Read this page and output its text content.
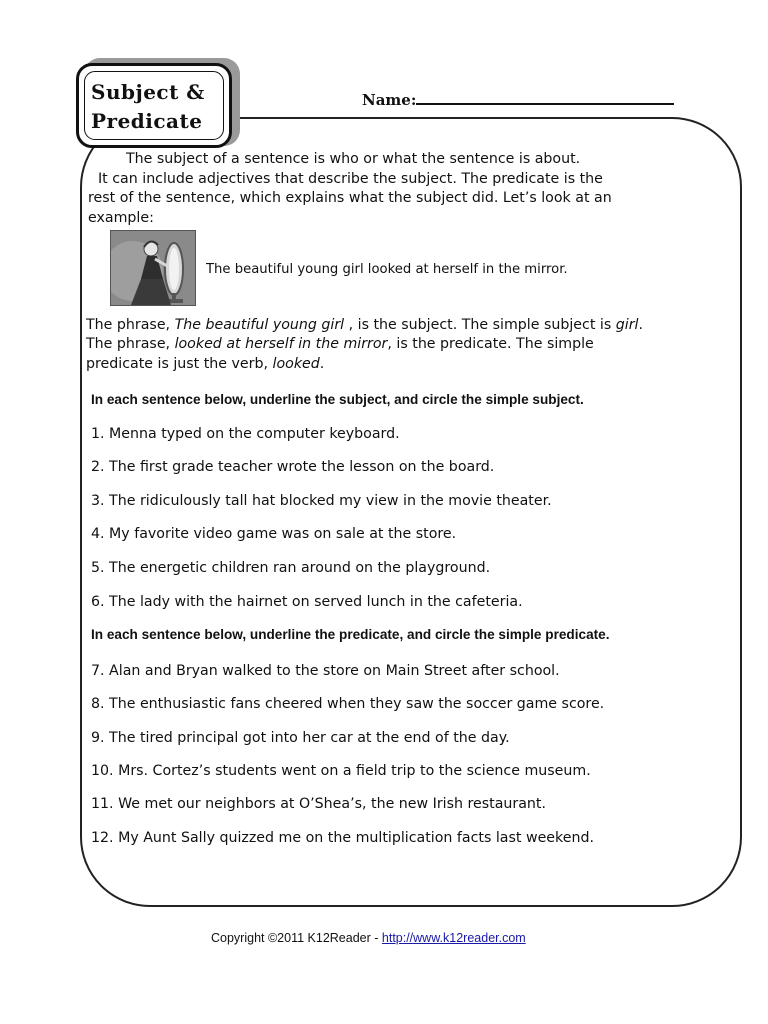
Subject &
Predicate
Name:
The subject of a sentence is who or what the sentence is about.
It can include adjectives that describe the subject. The predicate is the
rest of the sentence, which explains what the subject did. Let’s look at an
example:
The beautiful young girl looked at herself in the mirror.
The phrase, The beautiful young girl , is the subject. The simple subject is girl.
The phrase, looked at herself in the mirror, is the predicate. The simple
predicate is just the verb, looked.
In each sentence below, underline the subject, and circle the simple subject.
1. Menna typed on the computer keyboard.
2. The first grade teacher wrote the lesson on the board.
3. The ridiculously tall hat blocked my view in the movie theater.
4. My favorite video game was on sale at the store.
5. The energetic children ran around on the playground.
6. The lady with the hairnet on served lunch in the cafeteria.
In each sentence below, underline the predicate, and circle the simple predicate.
7. Alan and Bryan walked to the store on Main Street after school.
8. The enthusiastic fans cheered when they saw the soccer game score.
9. The tired principal got into her car at the end of the day.
10. Mrs. Cortez’s students went on a field trip to the science museum.
11. We met our neighbors at O’Shea’s, the new Irish restaurant.
12. My Aunt Sally quizzed me on the multiplication facts last weekend.
Copyright ©2011 K12Reader - http://www.k12reader.com
